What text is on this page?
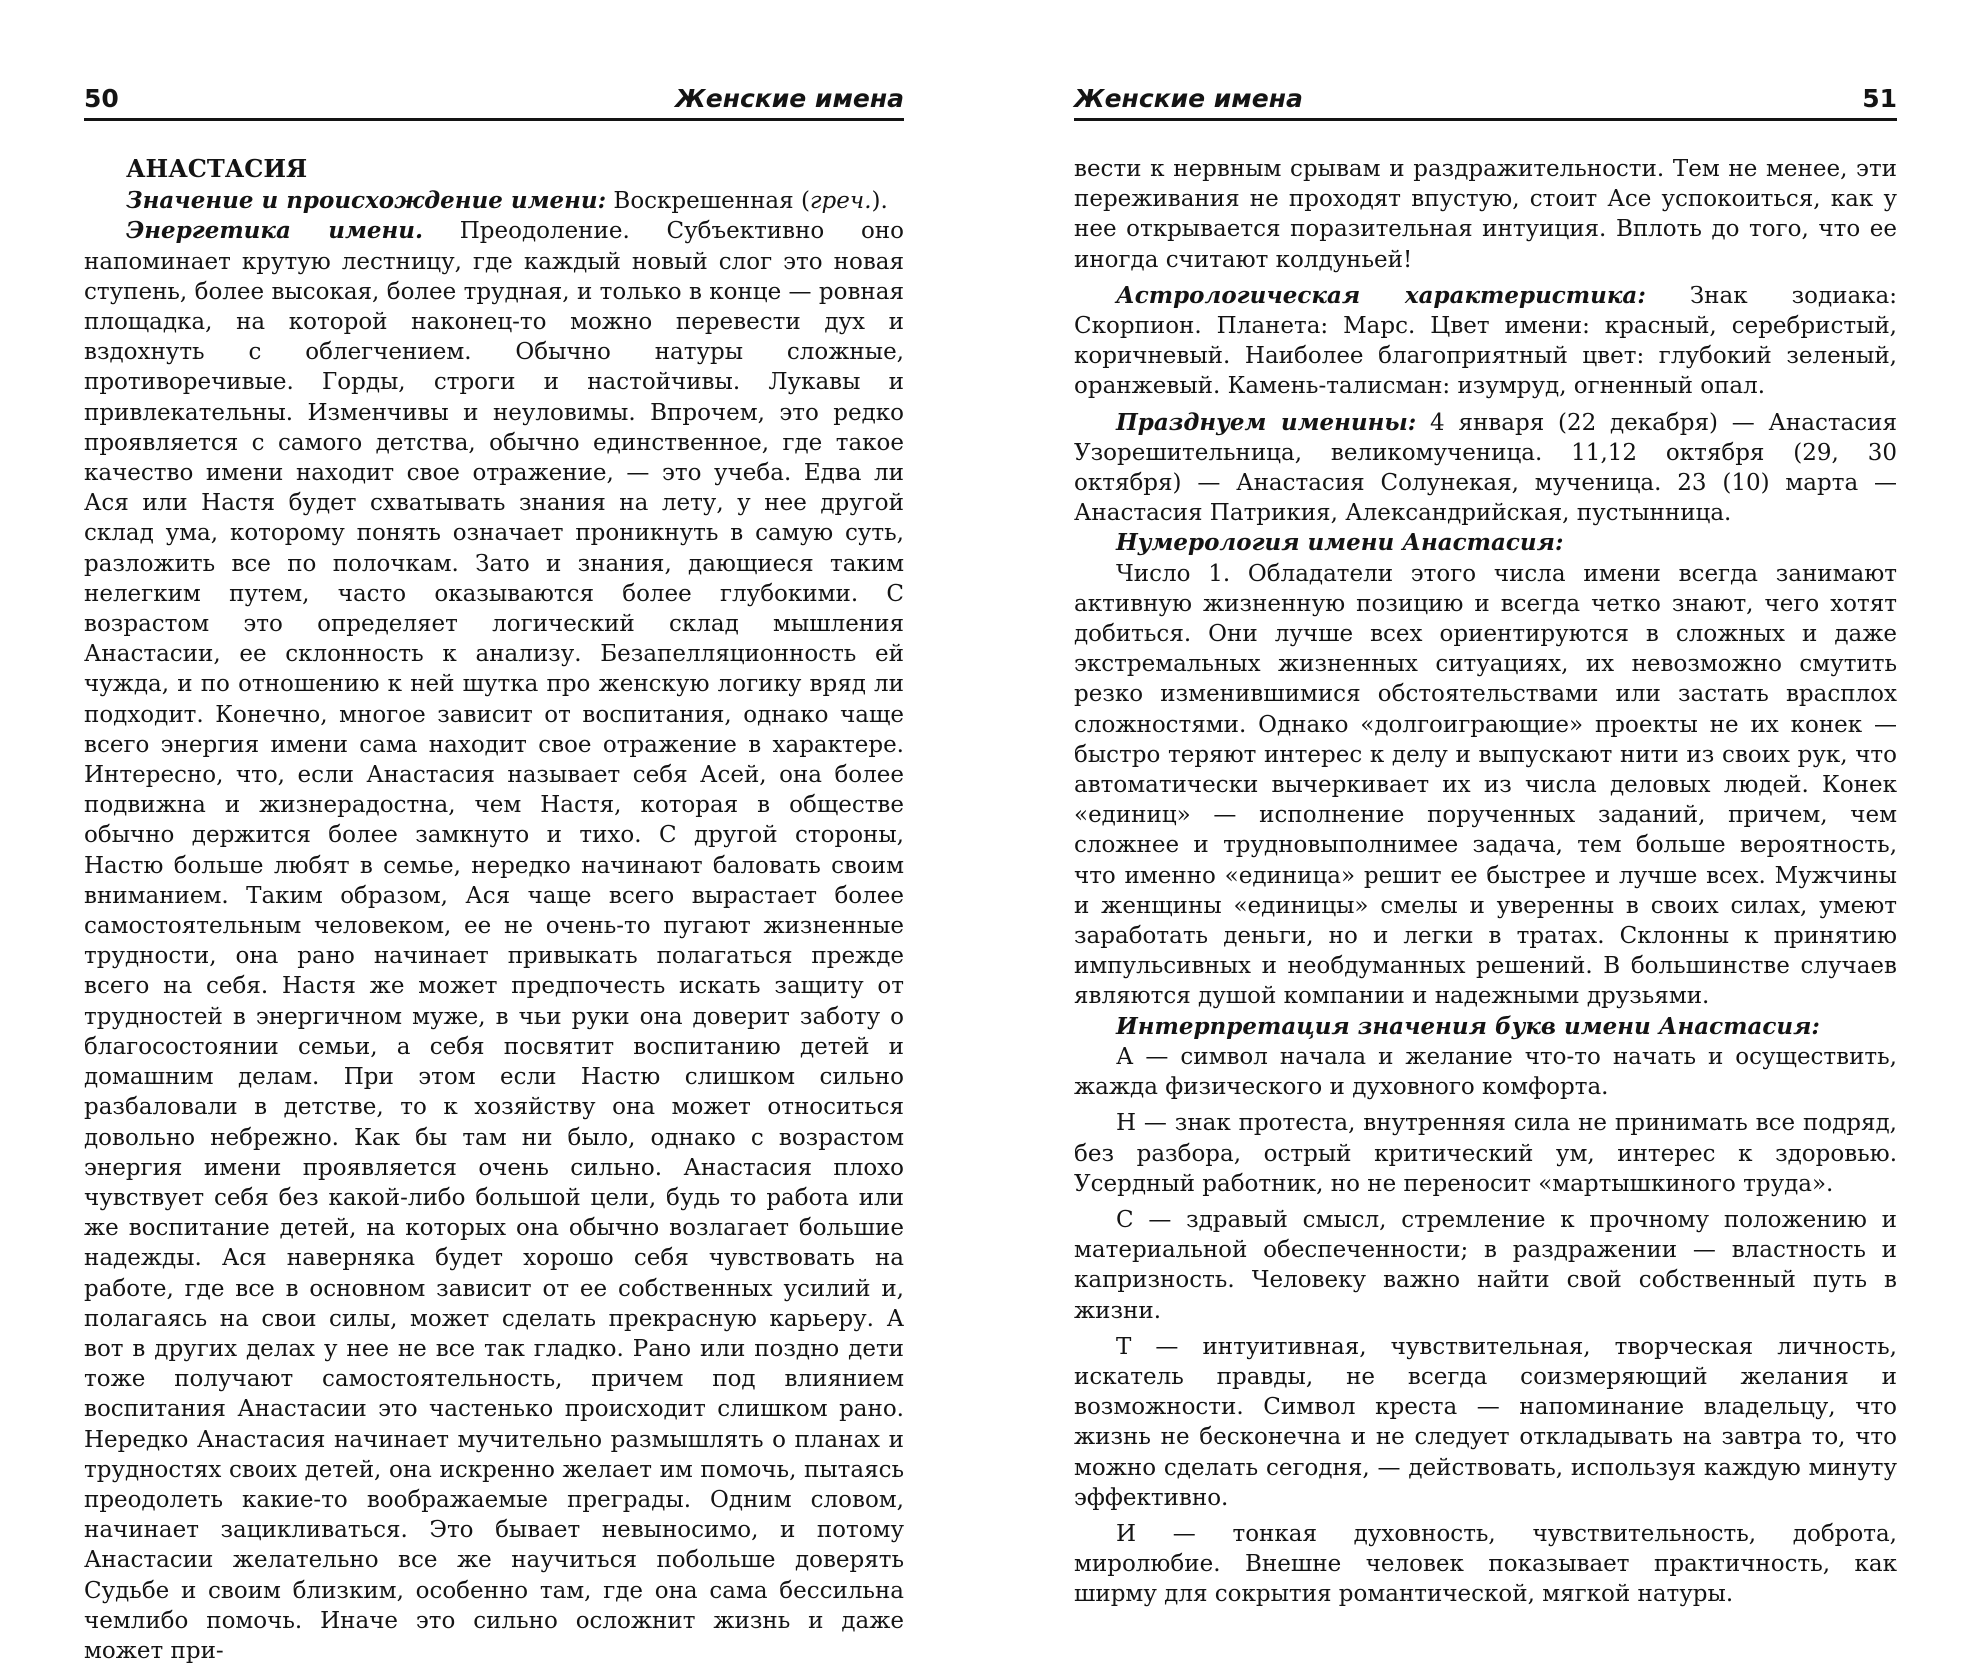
50	Женские имена

АНАСТАСИЯ

Значение и происхождение имени: Воскрешенная (греч.).

Энергетика имени. Преодоление. Субъективно оно напоминает крутую лестницу, где каждый новый слог это новая ступень, более высокая, более трудная, и только в конце — ровная площадка, на которой наконец-то можно перевести дух и вздохнуть с облегчением. Обычно натуры сложные, противоречивые. Горды, строги и настойчивы. Лукавы и привлекательны. Изменчивы и неуловимы. Впрочем, это редко проявляется с самого детства, обычно единственное, где такое качество имени находит свое отражение, — это учеба. Едва ли Ася или Настя будет схватывать знания на лету, у нее другой склад ума, которому понять означает проникнуть в самую суть, разложить все по полочкам. Зато и знания, дающиеся таким нелегким путем, часто оказываются более глубокими. С возрастом это определяет логический склад мышления Анастасии, ее склонность к анализу. Безапелляционность ей чужда, и по отношению к ней шутка про женскую логику вряд ли подходит. Конечно, многое зависит от воспитания, однако чаще всего энергия имени сама находит свое отражение в характере. Интересно, что, если Анастасия называет себя Асей, она более подвижна и жизнерадостна, чем Настя, которая в обществе обычно держится более замкнуто и тихо. С другой стороны, Настю больше любят в семье, нередко начинают баловать своим вниманием. Таким образом, Ася чаще всего вырастает более самостоятельным человеком, ее не очень-то пугают жизненные трудности, она рано начинает привыкать полагаться прежде всего на себя. Настя же может предпочесть искать защиту от трудностей в энергичном муже, в чьи руки она доверит заботу о благосостоянии семьи, а себя посвятит воспитанию детей и домашним делам. При этом если Настю слишком сильно разбаловали в детстве, то к хозяйству она может относиться довольно небрежно. Как бы там ни было, однако с возрастом энергия имени проявляется очень сильно. Анастасия плохо чувствует себя без какой-либо большой цели, будь то работа или же воспитание детей, на которых она обычно возлагает большие надежды. Ася наверняка будет хорошо себя чувствовать на работе, где все в основном зависит от ее собственных усилий и, полагаясь на свои силы, может сделать прекрасную карьеру. А вот в других делах у нее не все так гладко. Рано или поздно дети тоже получают самостоятельность, причем под влиянием воспитания Анастасии это частенько происходит слишком рано. Нередко Анастасия начинает мучительно размышлять о планах и трудностях своих детей, она искренно желает им помочь, пытаясь преодолеть какие-то воображаемые преграды. Одним словом, начинает зацикливаться. Это бывает невыносимо, и потому Анастасии желательно все же научиться побольше доверять Судьбе и своим близким, особенно там, где она сама бессильна чемлибо помочь. Иначе это сильно осложнит жизнь и даже может при-

Женские имена	51

вести к нервным срывам и раздражительности. Тем не менее, эти переживания не проходят впустую, стоит Асе успокоиться, как у нее открывается поразительная интуиция. Вплоть до того, что ее иногда считают колдуньей!

Астрологическая характеристика: Знак зодиака: Скорпион. Планета: Марс. Цвет имени: красный, серебристый, коричневый. Наиболее благоприятный цвет: глубокий зеленый, оранжевый. Камень-талисман: изумруд, огненный опал.

Празднуем именины: 4 января (22 декабря) — Анастасия Узорешительница, великомученица. 11,12 октября (29, 30 октября) — Анастасия Солунекая, мученица. 23 (10) марта — Анастасия Патрикия, Александрийская, пустынница.

Нумерология имени Анастасия:

Число 1. Обладатели этого числа имени всегда занимают активную жизненную позицию и всегда четко знают, чего хотят добиться. Они лучше всех ориентируются в сложных и даже экстремальных жизненных ситуациях, их невозможно смутить резко изменившимися обстоятельствами или застать врасплох сложностями. Однако «долгоиграющие» проекты не их конек — быстро теряют интерес к делу и выпускают нити из своих рук, что автоматически вычеркивает их из числа деловых людей. Конек «единиц» — исполнение порученных заданий, причем, чем сложнее и трудновыполнимее задача, тем больше вероятность, что именно «единица» решит ее быстрее и лучше всех. Мужчины и женщины «единицы» смелы и уверенны в своих силах, умеют заработать деньги, но и легки в тратах. Склонны к принятию импульсивных и необдуманных решений. В большинстве случаев являются душой компании и надежными друзьями.

Интерпретация значения букв имени Анастасия:

А — символ начала и желание что-то начать и осуществить, жажда физического и духовного комфорта.

Н — знак протеста, внутренняя сила не принимать все подряд, без разбора, острый критический ум, интерес к здоровью. Усердный работник, но не переносит «мартышкиного труда».

С — здравый смысл, стремление к прочному положению и материальной обеспеченности; в раздражении — властность и капризность. Человеку важно найти свой собственный путь в жизни.

Т — интуитивная, чувствительная, творческая личность, искатель правды, не всегда соизмеряющий желания и возможности. Символ креста — напоминание владельцу, что жизнь не бесконечна и не следует откладывать на завтра то, что можно сделать сегодня, — действовать, используя каждую минуту эффективно.

И — тонкая духовность, чувствительность, доброта, миролюбие. Внешне человек показывает практичность, как ширму для сокрытия романтической, мягкой натуры.
